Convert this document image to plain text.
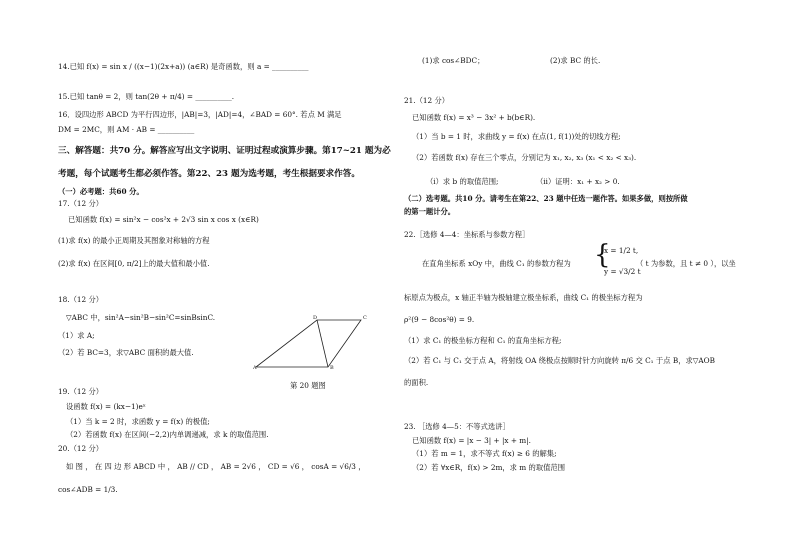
14.已知 f(x) = sin x / ((x−1)(2x+a)) (a∈R) 是奇函数，则 a = __________
15.已知 tanθ = 2，则 tan(2θ + π/4) = __________.
16．设四边形 ABCD 为平行四边形，|AB|=3，|AD|=4，∠BAD = 60°. 若点 M 满足
DM = 2MC，则 AM · AB = __________
三、解答题：共70 分。解答应写出文字说明、证明过程或演算步骤。第17~21 题为必
考题，每个试题考生都必须作答。第22、23 题为选考题，考生根据要求作答。
（一）必考题：共60 分。
17.（12 分）
已知函数 f(x) = sin²x − cos²x + 2√3 sin x cos x (x∈R)
(1)求 f(x) 的最小正周期及其图象对称轴的方程
(2)求 f(x) 在区间[0, π/2]上的最大值和最小值.
18.（12 分）
▽ABC 中，sin²A−sin²B−sin²C=sinBsinC.
（1）求 A;
（2）若 BC=3，求▽ABC 面积的最大值.
A	B
C
D
第 20 题图
19.（12 分）
设函数 f(x) = (kx−1)eˣ
（1）当 k = 2 时，求函数 y = f(x) 的极值;
（2）若函数 f(x) 在区间(−2,2)内单调递减，求 k 的取值范围.
20.（12 分）
如 图 ， 在 四 边 形 ABCD 中 ， AB // CD ， AB = 2√6 ， CD = √6 ， cosA = √6/3 ，
cos∠ADB = 1/3.
(1)求 cos∠BDC；	(2)求 BC 的长.
21.（12 分）
已知函数 f(x) = x³ − 3x² + b(b∈R).
（1）当 b = 1 时，求曲线 y = f(x) 在点(1, f(1))处的切线方程;
（2）若函数 f(x) 存在三个零点，分别记为 x₁, x₂, x₃ (x₁ < x₂ < x₃).
（ⅰ）求 b 的取值范围;	（ⅱ）证明：x₁ + x₂ > 0.
（二）选考题。共10 分。请考生在第22、23 题中任选一题作答。如果多做，则按所做
的第一题计分。
22.［选修 4—4：坐标系与参数方程］
在直角坐标系 xOy 中，曲线 C₁ 的参数方程为 {
x = 1/2 t,
y = √3/2 t
（ t 为参数，且 t ≠ 0 ），以坐
标原点为极点，x 轴正半轴为极轴建立极坐标系，曲线 C₁ 的极坐标方程为
ρ²(9 − 8cos²θ) = 9.
（1）求 C₁ 的极坐标方程和 C₁ 的直角坐标方程;
（2）若 C₁ 与 C₁ 交于点 A，将射线 OA 绕极点按顺时针方向旋转 π/6 交 C₁ 于点 B，求▽AOB
的面积.
23. ［选修 4—5：不等式选讲］
已知函数 f(x) = |x − 3| + |x + m|.
（1）若 m = 1，求不等式 f(x) ≥ 6 的解集;
（2）若 ∀x∈R，f(x) > 2m，求 m 的取值范围
